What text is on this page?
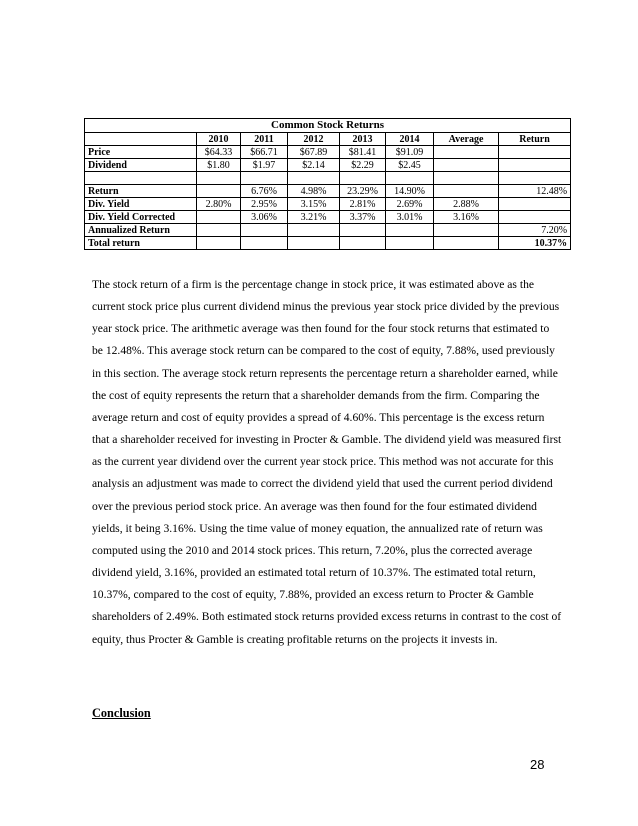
Common Stock Returns							
	2010	2011	2012	2013	2014	Average	Return
Price	$64.33	$66.71	$67.89	$81.41	$91.09		
Dividend	$1.80	$1.97	$2.14	$2.29	$2.45		

Return		6.76%	4.98%	23.29%	14.90%		12.48%
Div. Yield	2.80%	2.95%	3.15%	2.81%	2.69%	2.88%	
Div. Yield Corrected		3.06%	3.21%	3.37%	3.01%	3.16%	
Annualized Return							7.20%
Total return							10.37%

The stock return of a firm is the percentage change in stock price, it was estimated above as the current stock price plus current dividend minus the previous year stock price divided by the previous year stock price. The arithmetic average was then found for the four stock returns that estimated to be 12.48%. This average stock return can be compared to the cost of equity, 7.88%, used previously in this section. The average stock return represents the percentage return a shareholder earned, while the cost of equity represents the return that a shareholder demands from the firm. Comparing the average return and cost of equity provides a spread of 4.60%. This percentage is the excess return that a shareholder received for investing in Procter & Gamble. The dividend yield was measured first as the current year dividend over the current year stock price. This method was not accurate for this analysis an adjustment was made to correct the dividend yield that used the current period dividend over the previous period stock price. An average was then found for the four estimated dividend yields, it being 3.16%. Using the time value of money equation, the annualized rate of return was computed using the 2010 and 2014 stock prices. This return, 7.20%, plus the corrected average dividend yield, 3.16%, provided an estimated total return of 10.37%. The estimated total return, 10.37%, compared to the cost of equity, 7.88%, provided an excess return to Procter & Gamble shareholders of 2.49%. Both estimated stock returns provided excess returns in contrast to the cost of equity, thus Procter & Gamble is creating profitable returns on the projects it invests in.

Conclusion
28
